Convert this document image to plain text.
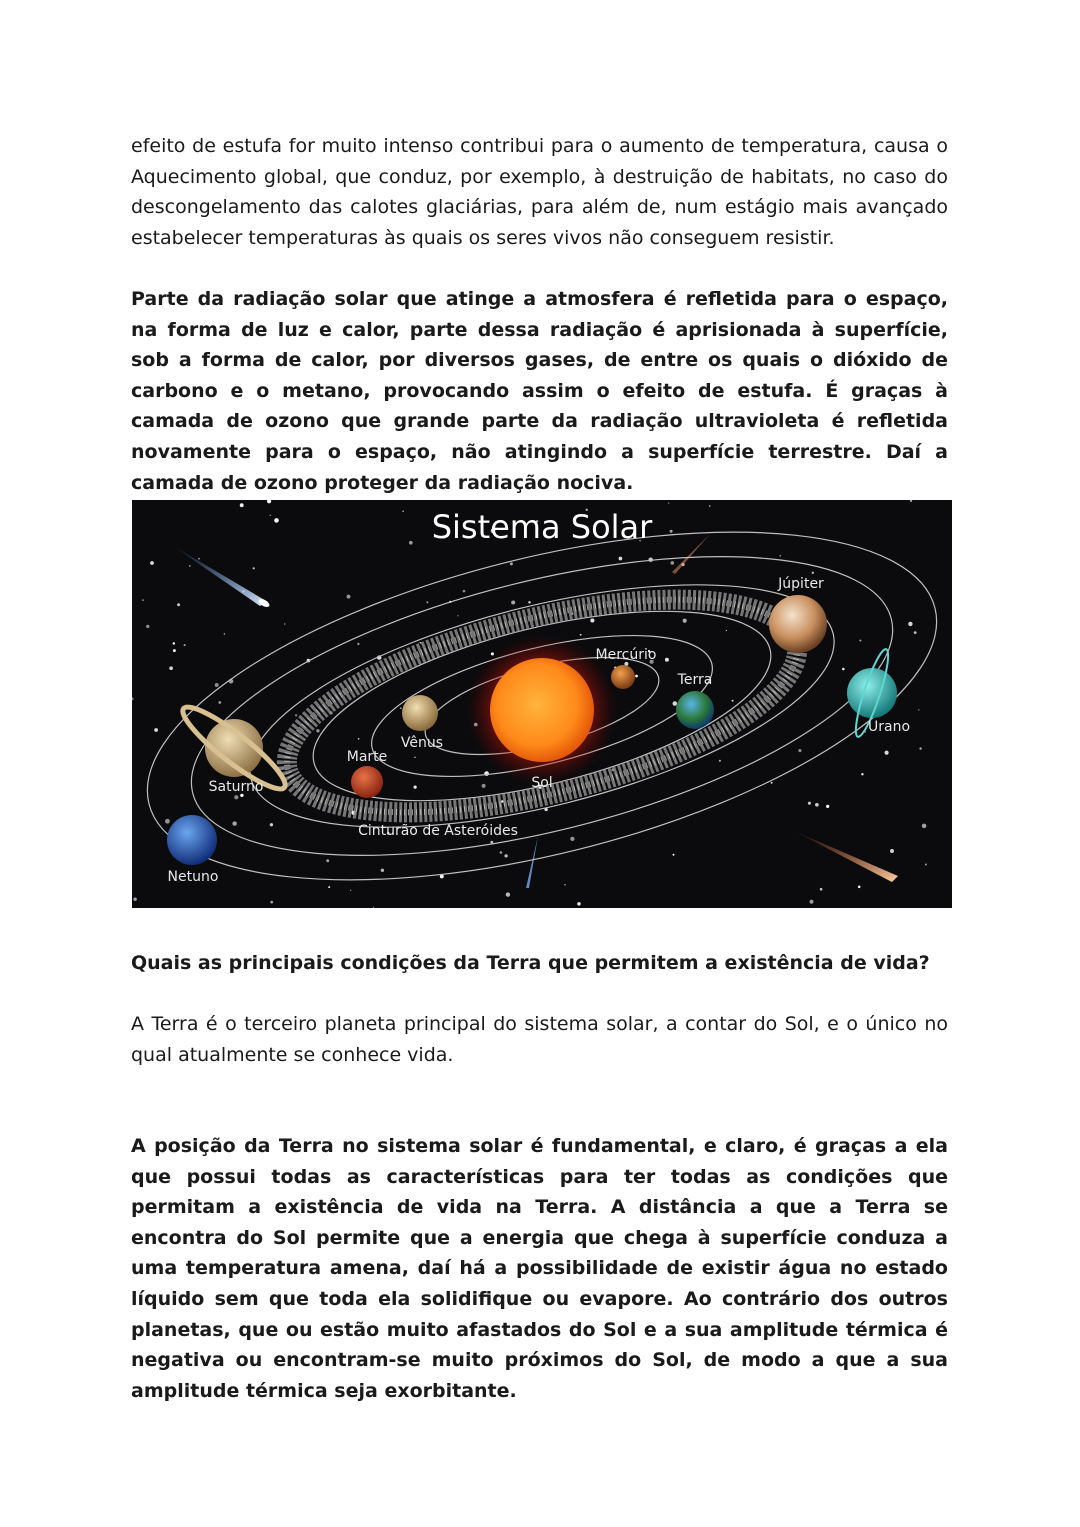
efeito de estufa for muito intenso contribui para o aumento de temperatura, causa o Aquecimento global, que conduz, por exemplo, à destruição de habitats, no caso do descongelamento das calotes glaciárias, para além de, num estágio mais avançado estabelecer temperaturas às quais os seres vivos não conseguem resistir.

Parte da radiação solar que atinge a atmosfera é refletida para o espaço, na forma de luz e calor, parte dessa radiação é aprisionada à superfície, sob a forma de calor, por diversos gases, de entre os quais o dióxido de carbono e o metano, provocando assim o efeito de estufa. É graças à camada de ozono que grande parte da radiação ultravioleta é refletida novamente para o espaço, não atingindo a superfície terrestre. Daí a camada de ozono proteger da radiação nociva.

Sistema Solar
Sol
Mercúrio
Vênus
Terra
Marte
Júpiter
Saturno
Urano
Netuno
Cinturão de Asteróides

Quais as principais condições da Terra que permitem a existência de vida?

A Terra é o terceiro planeta principal do sistema solar, a contar do Sol, e o único no qual atualmente se conhece vida.

A posição da Terra no sistema solar é fundamental, e claro, é graças a ela que possui todas as características para ter todas as condições que permitam a existência de vida na Terra. A distância a que a Terra se encontra do Sol permite que a energia que chega à superfície conduza a uma temperatura amena, daí há a possibilidade de existir água no estado líquido sem que toda ela solidifique ou evapore. Ao contrário dos outros planetas, que ou estão muito afastados do Sol e a sua amplitude térmica é negativa ou encontram-se muito próximos do Sol, de modo a que a sua amplitude térmica seja exorbitante.
